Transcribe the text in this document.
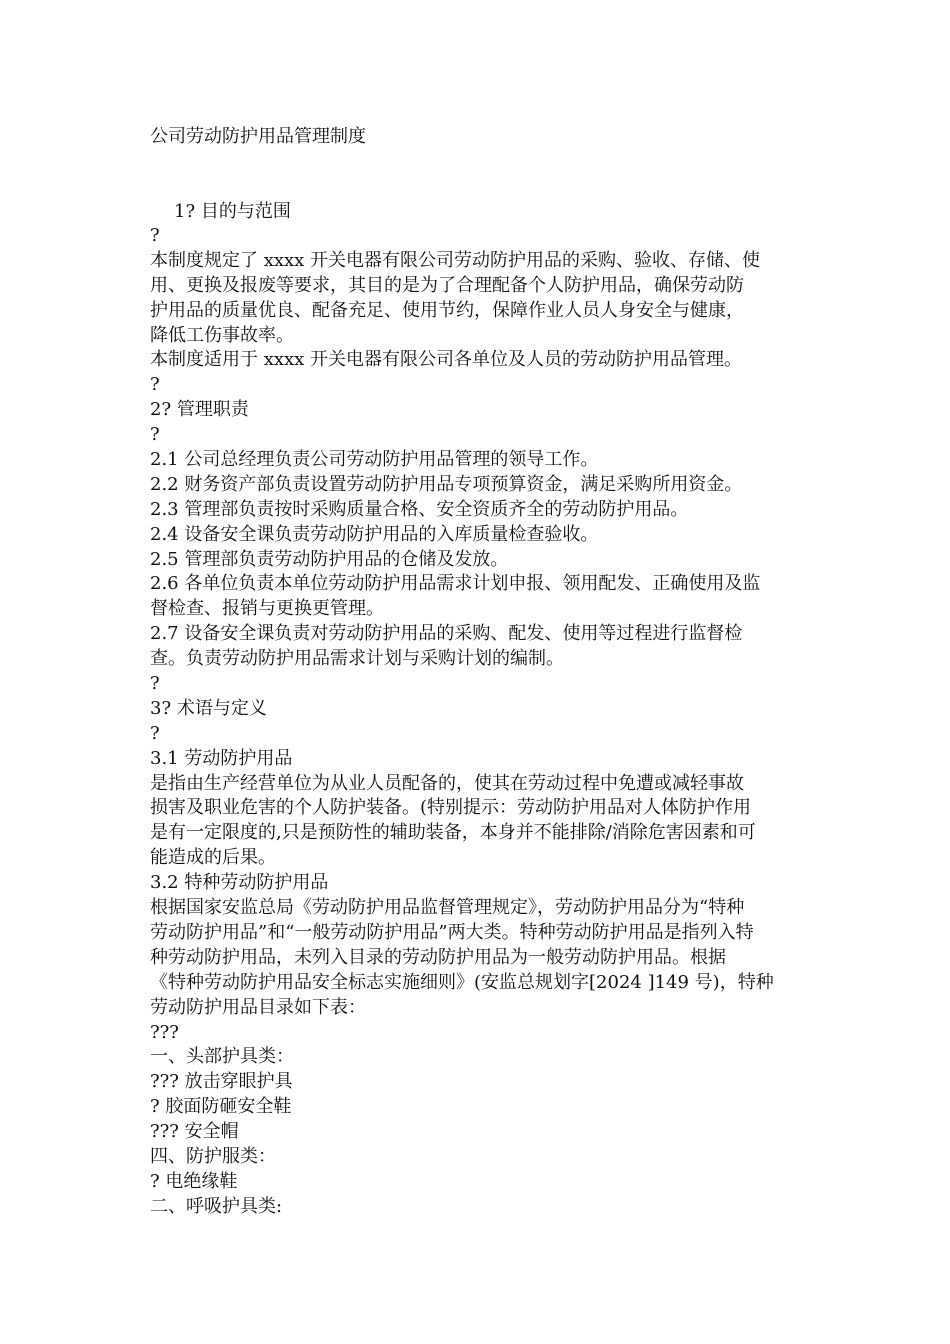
公司劳动防护用品管理制度
1? 目的与范围
?
本制度规定了 xxxx 开关电器有限公司劳动防护用品的采购、验收、存储、使
用、更换及报废等要求，其目的是为了合理配备个人防护用品，确保劳动防
护用品的质量优良、配备充足、使用节约，保障作业人员人身安全与健康，
降低工伤事故率。
本制度适用于 xxxx 开关电器有限公司各单位及人员的劳动防护用品管理。
?
2? 管理职责
?
2.1 公司总经理负责公司劳动防护用品管理的领导工作。
2.2 财务资产部负责设置劳动防护用品专项预算资金，满足采购所用资金。
2.3 管理部负责按时采购质量合格、安全资质齐全的劳动防护用品。
2.4 设备安全课负责劳动防护用品的入库质量检查验收。
2.5 管理部负责劳动防护用品的仓储及发放。
2.6 各单位负责本单位劳动防护用品需求计划申报、领用配发、正确使用及监
督检查、报销与更换更管理。
2.7 设备安全课负责对劳动防护用品的采购、配发、使用等过程进行监督检
查。负责劳动防护用品需求计划与采购计划的编制。
?
3? 术语与定义
?
3.1 劳动防护用品
是指由生产经营单位为从业人员配备的，使其在劳动过程中免遭或减轻事故
损害及职业危害的个人防护装备。(特别提示：劳动防护用品对人体防护作用
是有一定限度的,只是预防性的辅助装备，本身并不能排除/消除危害因素和可
能造成的后果。
3.2 特种劳动防护用品
根据国家安监总局《劳动防护用品监督管理规定》，劳动防护用品分为“特种
劳动防护用品”和“一般劳动防护用品”两大类。特种劳动防护用品是指列入特
种劳动防护用品，未列入目录的劳动防护用品为一般劳动防护用品。根据
《特种劳动防护用品安全标志实施细则》(安监总规划字[2024 ]149 号)，特种
劳动防护用品目录如下表：
???
一、头部护具类：
??? 放击穿眼护具
? 胶面防砸安全鞋
??? 安全帽
四、防护服类：
? 电绝缘鞋
二、呼吸护具类:
